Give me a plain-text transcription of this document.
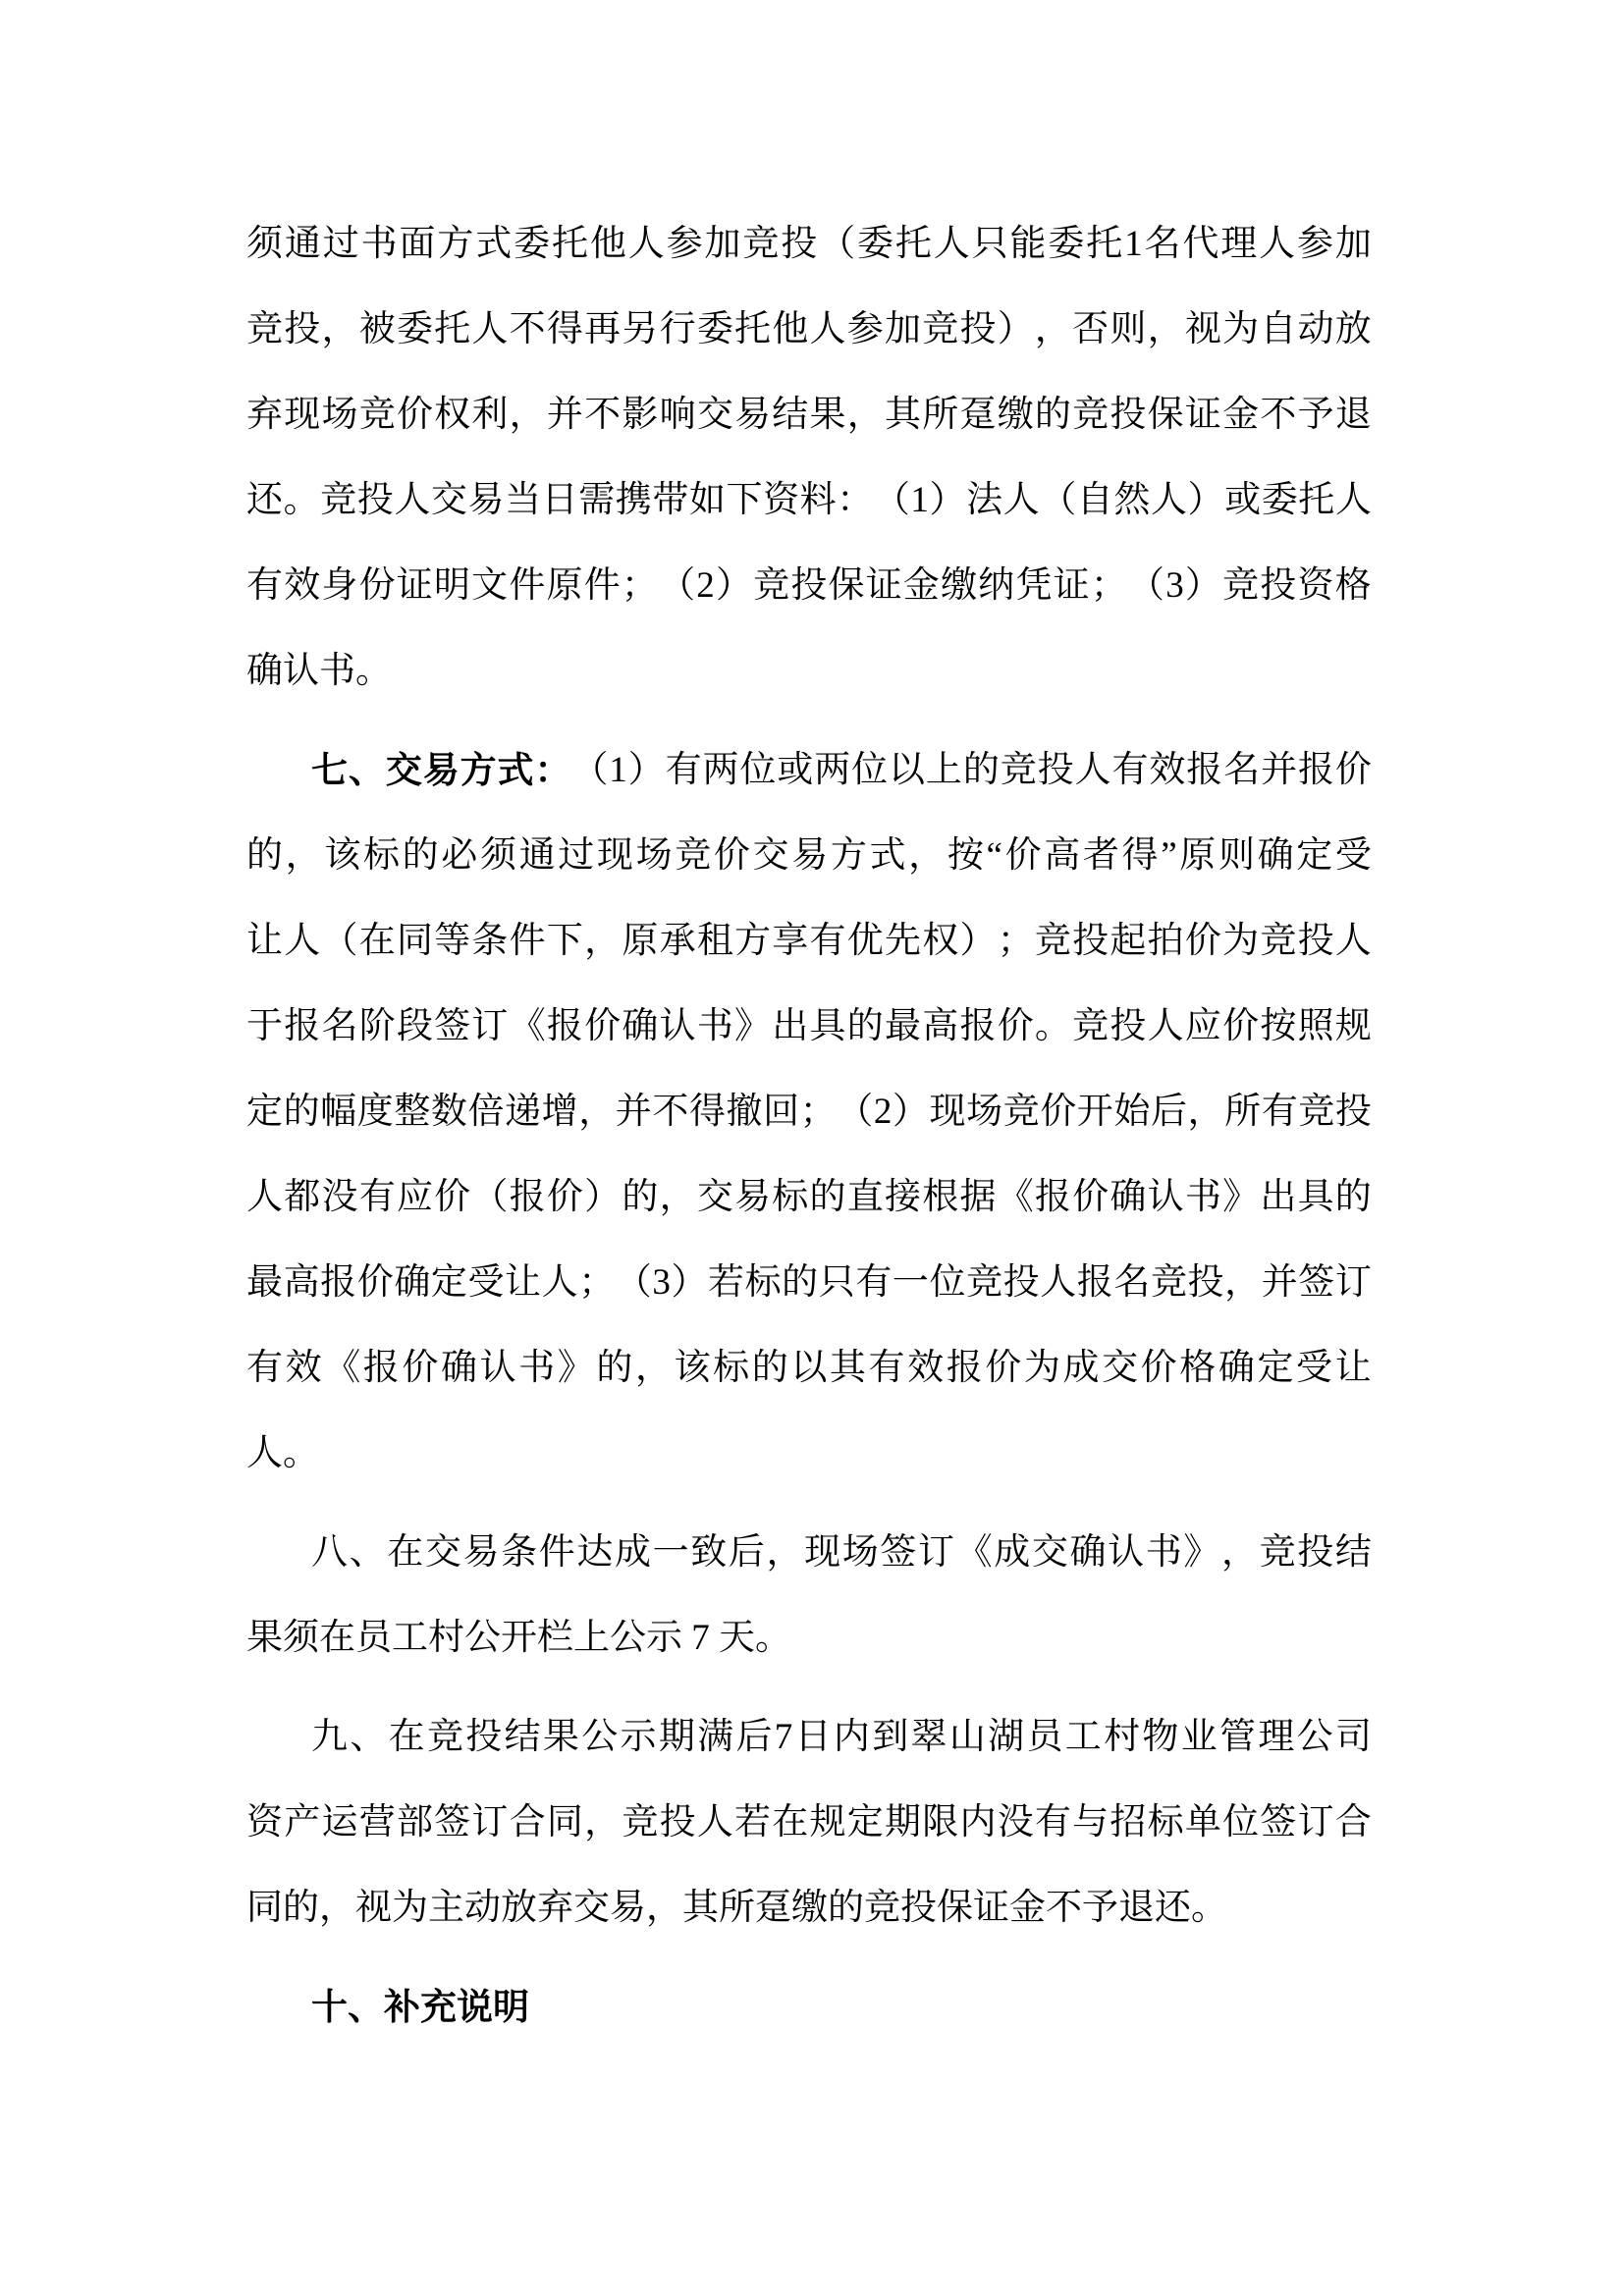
须 通 过 书 面 方 式 委 托 他 人 参 加 竞 投 （ 委 托 人 只 能 委 托 1 名 代 理 人 参 加
竞 投 ， 被 委 托 人 不 得 再 另 行 委 托 他 人 参 加 竞 投 ） ， 否 则 ， 视 为 自 动 放
弃 现 场 竞 价 权 利 ， 并 不 影 响 交 易 结 果 ， 其 所 趸 缴 的 竞 投 保 证 金 不 予 退
还 。 竞 投 人 交 易 当 日 需 携 带 如 下 资 料 ： （ 1 ） 法 人 （ 自 然 人 ） 或 委 托 人
有 效 身 份 证 明 文 件 原 件 ； （ 2 ） 竞 投 保 证 金 缴 纳 凭 证 ； （ 3 ） 竞 投 资 格
确认书。
七 、 交 易 方 式 ： （ 1 ） 有 两 位 或 两 位 以 上 的 竞 投 人 有 效 报 名 并 报 价
的 ， 该 标 的 必 须 通 过 现 场 竞 价 交 易 方 式 ， 按 “ 价 高 者 得 ” 原 则 确 定 受
让 人 （ 在 同 等 条 件 下 ， 原 承 租 方 享 有 优 先 权 ） ； 竞 投 起 拍 价 为 竞 投 人
于 报 名 阶 段 签 订 《 报 价 确 认 书 》 出 具 的 最 高 报 价 。 竞 投 人 应 价 按 照 规
定 的 幅 度 整 数 倍 递 增 ， 并 不 得 撤 回 ； （ 2 ） 现 场 竞 价 开 始 后 ， 所 有 竞 投
人 都 没 有 应 价 （ 报 价 ） 的 ， 交 易 标 的 直 接 根 据 《 报 价 确 认 书 》 出 具 的
最 高 报 价 确 定 受 让 人 ； （ 3 ） 若 标 的 只 有 一 位 竞 投 人 报 名 竞 投 ， 并 签 订
有 效 《 报 价 确 认 书 》 的 ， 该 标 的 以 其 有 效 报 价 为 成 交 价 格 确 定 受 让
人。
八 、 在 交 易 条 件 达 成 一 致 后 ， 现 场 签 订 《 成 交 确 认 书 》 ， 竞 投 结
果须在员工村公开栏上公示 7 天。
九 、 在 竞 投 结 果 公 示 期 满 后 7 日 内 到 翠 山 湖 员 工 村 物 业 管 理 公 司
资 产 运 营 部 签 订 合 同 ， 竞 投 人 若 在 规 定 期 限 内 没 有 与 招 标 单 位 签 订 合
同的，视为主动放弃交易，其所趸缴的竞投保证金不予退还。
十、补充说明
